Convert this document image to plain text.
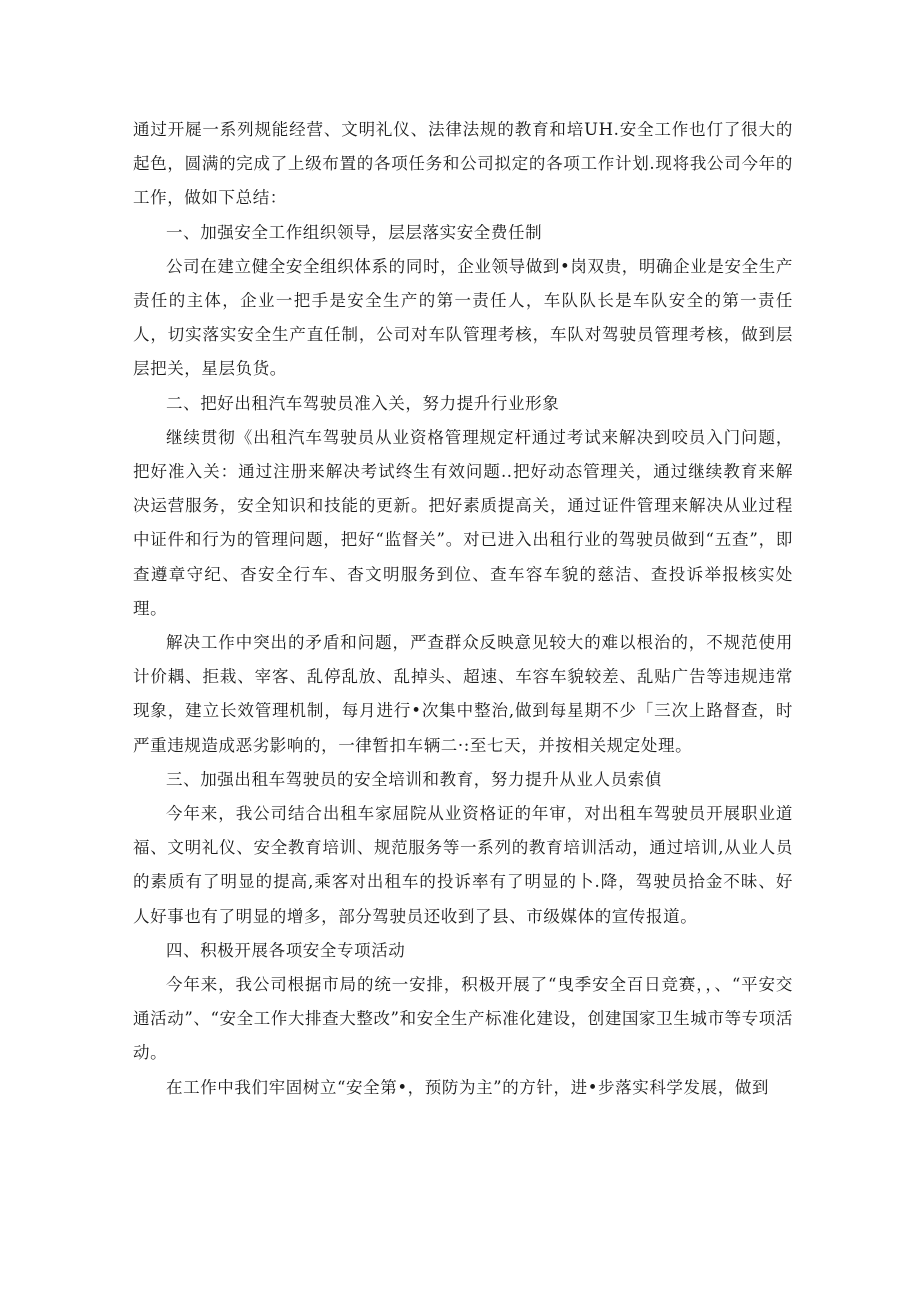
通过开屣一系列规能经营、文明礼仪、法律法规的教育和培UH.安全工作也仃了很大的起色，圆满的完成了上级布置的各项任务和公司拟定的各项工作计划.现将我公司今年的工作，做如下总结：

一、加强安全工作组织领导，层层落实安全费任制

公司在建立健全安全组织体系的同时，企业领导做到•岗双贵，明确企业是安全生产责任的主体，企业一把手是安全生产的第一责任人，车队队长是车队安全的第一责任人，切实落实安全生产直任制，公司对车队管理考核，车队对驾驶员管理考核，做到层层把关，星层负货。

二、把好出租汽车驾驶员准入关，努力提升行业形象

继续贯彻《出租汽车驾驶员从业资格管理规定杆通过考试来解决到咬员入门问题，把好准入关：通过注册来解决考试终生有效问题..把好动态管理关，通过继续教育来解决运营服务，安全知识和技能的更新。把好素质提高关，通过证件管理来解决从业过程中证件和行为的管理问题，把好“监督关”。对已进入出租行业的驾驶员做到“五查”，即查遵章守纪、杳安全行车、杳文明服务到位、查车容车貌的慈洁、查投诉举报核实处理。

解决工作中突出的矛盾和问题，严查群众反映意见较大的难以根治的，不规范使用计价耦、拒栽、宰客、乱停乱放、乱掉头、超速、车容车貌较差、乱贴广告等违规违常现象，建立长效管理机制，每月进行•次集中整治,做到每星期不少「三次上路督查，时严重违规造成恶劣影响的，一律暂扣车辆二·:至七天，并按相关规定处理。

三、加强出租车驾驶员的安全培训和教育，努力提升从业人员索偵

今年来，我公司结合出租车家屈院从业资格证的年审，对出租车驾驶员开展职业道福、文明礼仪、安全教育培训、规范服务等一系列的教育培训活动，通过培训,从业人员的素质有了明显的提高,乘客对出租车的投诉率有了明显的卜.降，驾驶员拾金不昧、好人好事也有了明显的增多，部分驾驶员还收到了县、市级媒体的宣传报道。

四、积极开展各项安全专项活动

今年来，我公司根据市局的统一安排，积极开展了“曳季安全百日竞赛，，、“平安交通活动”、“安全工作大排查大整改”和安全生产标准化建设，创建国家卫生城市等专项活动。

在工作中我们牢固树立“安全第•，预防为主”的方针，进•步落实科学发展，做到
